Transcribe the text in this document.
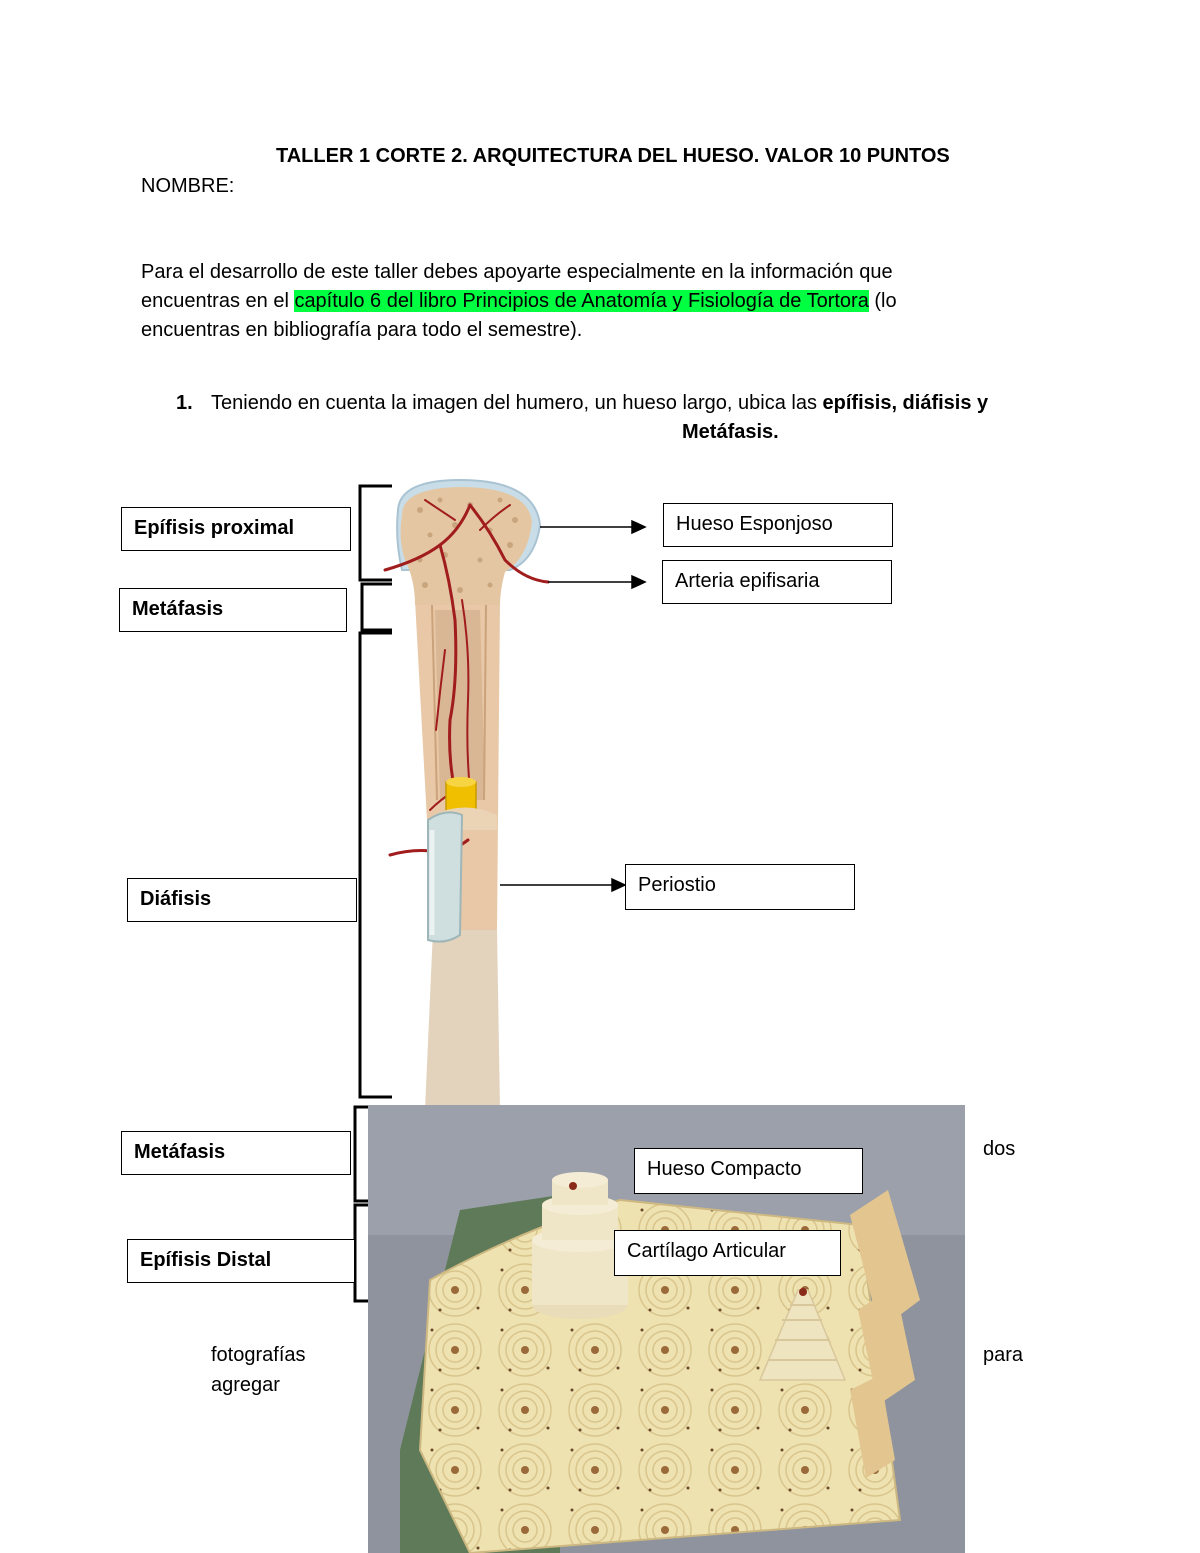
TALLER 1 CORTE 2. ARQUITECTURA DEL HUESO. VALOR 10 PUNTOS
NOMBRE:
Para el desarrollo de este taller debes apoyarte especialmente en la información que
encuentras en el capítulo 6 del libro Principios de Anatomía y Fisiología de Tortora (lo
encuentras en bibliografía para todo el semestre).
1. Teniendo en cuenta la imagen del humero, un hueso largo, ubica las epífisis, diáfisis y
Metáfasis.
Epífisis proximal
Metáfasis
Diáfisis
Metáfasis
Epífisis Distal
Hueso Esponjoso
Arteria epifisaria
Periostio
Hueso Compacto
Cartílago Articular
dos
fotografías
agregar
para
